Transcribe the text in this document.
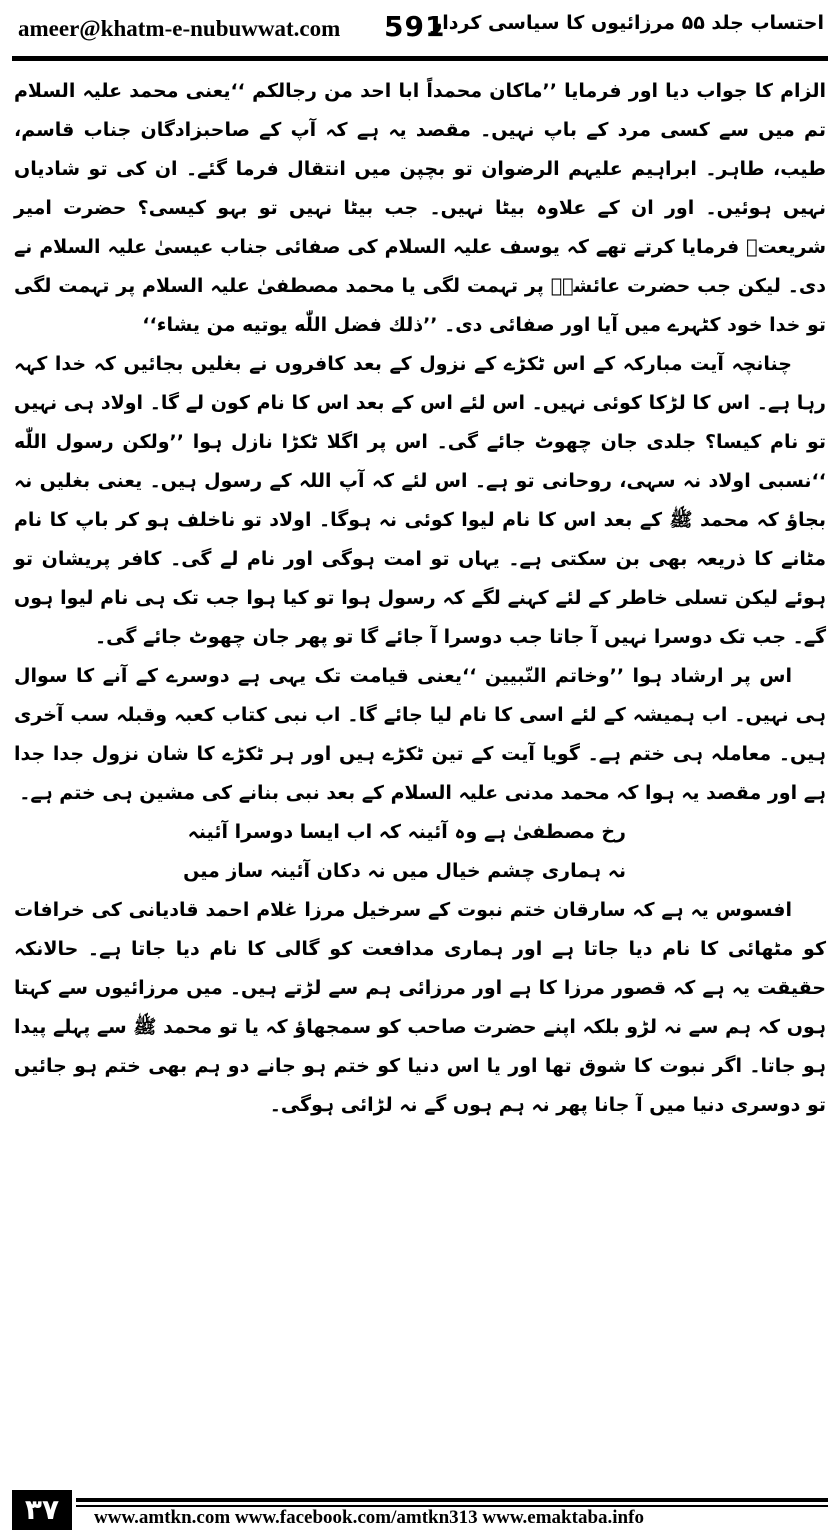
ameer@khatm-e-nubuwwat.com 591
احتساب جلد ۵۵ مرزائیوں کا سیاسی کردار

الزام کا جواب دیا اور فرمایا ’’ماکان محمداً ابا احد من رجالکم ‘‘یعنی محمد علیہ السلام تم میں سے کسی مرد کے باپ نہیں۔ مقصد یہ ہے کہ آپ کے صاحبزادگان جناب قاسم، طیب، طاہر۔ ابراہیم علیہم الرضوان تو بچپن میں انتقال فرما گئے۔ ان کی تو شادیاں نہیں ہوئیں۔ اور ان کے علاوہ بیٹا نہیں۔ جب بیٹا نہیں تو بہو کیسی؟ حضرت امیر شریعتؒ فرمایا کرتے تھے کہ یوسف علیہ السلام کی صفائی جناب عیسیٰ علیہ السلام نے دی۔ لیکن جب حضرت عائشہؓ پر تہمت لگی یا محمد مصطفیٰ علیہ السلام پر تہمت لگی تو خدا خود کٹہرے میں آیا اور صفائی دی۔ ’’ذلك فضل اللّٰه یوتیه من یشاء‘‘

چنانچہ آیت مبارکہ کے اس ٹکڑے کے نزول کے بعد کافروں نے بغلیں بجائیں کہ خدا کہہ رہا ہے۔ اس کا لڑکا کوئی نہیں۔ اس لئے اس کے بعد اس کا نام کون لے گا۔ اولاد ہی نہیں تو نام کیسا؟ جلدی جان چھوٹ جائے گی۔ اس پر اگلا ٹکڑا نازل ہوا ’’ولکن رسول اللّٰه ‘‘نسبی اولاد نہ سہی، روحانی تو ہے۔ اس لئے کہ آپ اللہ کے رسول ہیں۔ یعنی بغلیں نہ بجاؤ کہ محمد ﷺ کے بعد اس کا نام لیوا کوئی نہ ہوگا۔ اولاد تو ناخلف ہو کر باپ کا نام مٹانے کا ذریعہ بھی بن سکتی ہے۔ یہاں تو امت ہوگی اور نام لے گی۔ کافر پریشان تو ہوئے لیکن تسلی خاطر کے لئے کہنے لگے کہ رسول ہوا تو کیا ہوا جب تک ہی نام لیوا ہوں گے۔ جب تک دوسرا نہیں آ جاتا جب دوسرا آ جائے گا تو پھر جان چھوٹ جائے گی۔

اس پر ارشاد ہوا ’’وخاتم النّبیین ‘‘یعنی قیامت تک یہی ہے دوسرے کے آنے کا سوال ہی نہیں۔ اب ہمیشہ کے لئے اسی کا نام لیا جائے گا۔ اب نبی کتاب کعبہ وقبلہ سب آخری ہیں۔ معاملہ ہی ختم ہے۔ گویا آیت کے تین ٹکڑے ہیں اور ہر ٹکڑے کا شان نزول جدا جدا ہے اور مقصد یہ ہوا کہ محمد مدنی علیہ السلام کے بعد نبی بنانے کی مشین ہی ختم ہے۔

رخ مصطفیٰ ہے وہ آئینہ کہ اب ایسا دوسرا آئینہ
نہ ہماری چشم خیال میں نہ دکان آئینہ ساز میں

افسوس یہ ہے کہ سارقان ختم نبوت کے سرخیل مرزا غلام احمد قادیانی کی خرافات کو مٹھائی کا نام دیا جاتا ہے اور ہماری مدافعت کو گالی کا نام دیا جاتا ہے۔ حالانکہ حقیقت یہ ہے کہ قصور مرزا کا ہے اور مرزائی ہم سے لڑتے ہیں۔ میں مرزائیوں سے کہتا ہوں کہ ہم سے نہ لڑو بلکہ اپنے حضرت صاحب کو سمجھاؤ کہ یا تو محمد ﷺ سے پہلے پیدا ہو جاتا۔ اگر نبوت کا شوق تھا اور یا اس دنیا کو ختم ہو جانے دو ہم بھی ختم ہو جائیں تو دوسری دنیا میں آ جانا پھر نہ ہم ہوں گے نہ لڑائی ہوگی۔

۳۷	www.amtkn.com www.facebook.com/amtkn313 www.emaktaba.info
